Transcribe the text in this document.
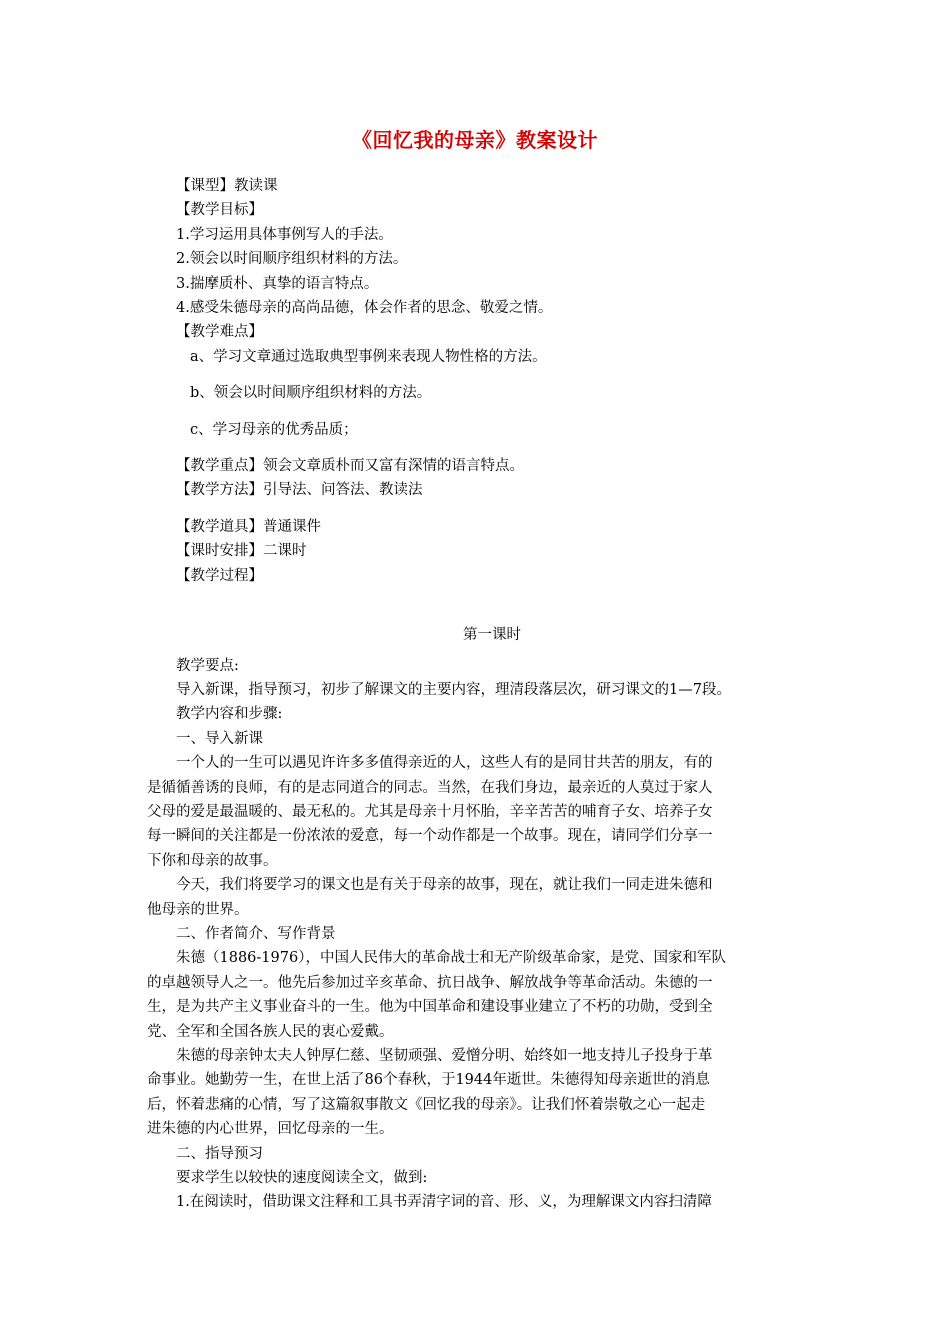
《回忆我的母亲》教案设计
【课型】教读课
【教学目标】
1.学习运用具体事例写人的手法。
2.领会以时间顺序组织材料的方法。
3.揣摩质朴、真挚的语言特点。
4.感受朱德母亲的高尚品德，体会作者的思念、敬爱之情。
【教学难点】
a、学习文章通过选取典型事例来表现人物性格的方法。
b、领会以时间顺序组织材料的方法。
c、学习母亲的优秀品质；
【教学重点】领会文章质朴而又富有深情的语言特点。
【教学方法】引导法、问答法、教读法
【教学道具】普通课件
【课时安排】二课时
【教学过程】
第一课时
教学要点:
导入新课，指导预习，初步了解课文的主要内容，理清段落层次，研习课文的1—7段。
教学内容和步骤:
一、导入新课
一个人的一生可以遇见许许多多值得亲近的人，这些人有的是同甘共苦的朋友，有的
是循循善诱的良师，有的是志同道合的同志。当然，在我们身边，最亲近的人莫过于家人
父母的爱是最温暖的、最无私的。尤其是母亲十月怀胎，辛辛苦苦的哺育子女、培养子女
每一瞬间的关注都是一份浓浓的爱意，每一个动作都是一个故事。现在，请同学们分享一
下你和母亲的故事。
今天，我们将要学习的课文也是有关于母亲的故事，现在，就让我们一同走进朱德和
他母亲的世界。
二、作者简介、写作背景
朱德（1886-1976），中国人民伟大的革命战士和无产阶级革命家，是党、国家和军队
的卓越领导人之一。他先后参加过辛亥革命、抗日战争、解放战争等革命活动。朱德的一
生，是为共产主义事业奋斗的一生。他为中国革命和建设事业建立了不朽的功勋，受到全
党、全军和全国各族人民的衷心爱戴。
朱德的母亲钟太夫人钟厚仁慈、坚韧顽强、爱憎分明、始终如一地支持儿子投身于革
命事业。她勤劳一生，在世上活了86个春秋，于1944年逝世。朱德得知母亲逝世的消息
后，怀着悲痛的心情，写了这篇叙事散文《回忆我的母亲》。让我们怀着崇敬之心一起走
进朱德的内心世界，回忆母亲的一生。
二、指导预习
要求学生以较快的速度阅读全文，做到:
1.在阅读时，借助课文注释和工具书弄清字词的音、形、义，为理解课文内容扫清障
